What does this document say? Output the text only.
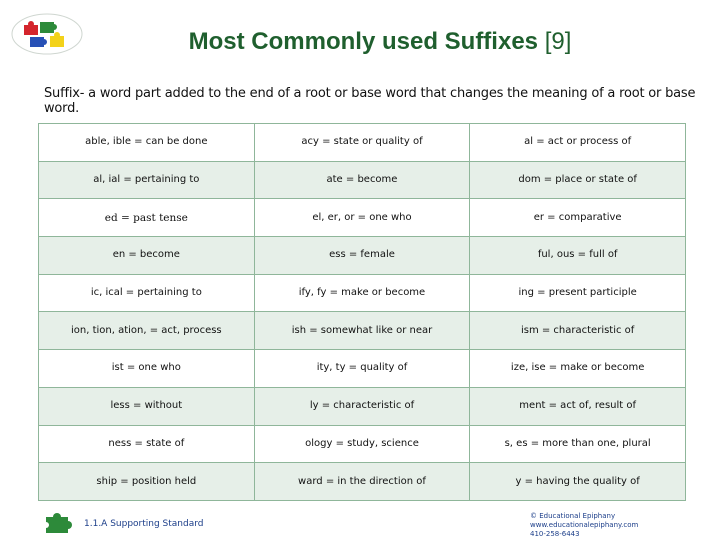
Most Commonly used Suffixes [9]
Suffix- a word part added to the end of a root or base word that changes the meaning of a root or base word.
able, ible = can be done	acy = state or quality of	al = act or process of
al, ial = pertaining to	ate = become	dom = place or state of
ed = past tense	el, er, or = one who	er = comparative
en = become	ess = female	ful, ous = full of
ic, ical = pertaining to	ify, fy = make or become	ing = present participle
ion, tion, ation, = act, process	ish = somewhat like or near	ism = characteristic of
ist = one who	ity, ty = quality of	ize, ise = make or become
less = without	ly = characteristic of	ment = act of, result of
ness = state of	ology = study, science	s, es = more than one, plural
ship = position held	ward = in the direction of	y = having the quality of
1.1.A Supporting Standard
© Educational Epiphany
www.educationalepiphany.com
410-258-6443
